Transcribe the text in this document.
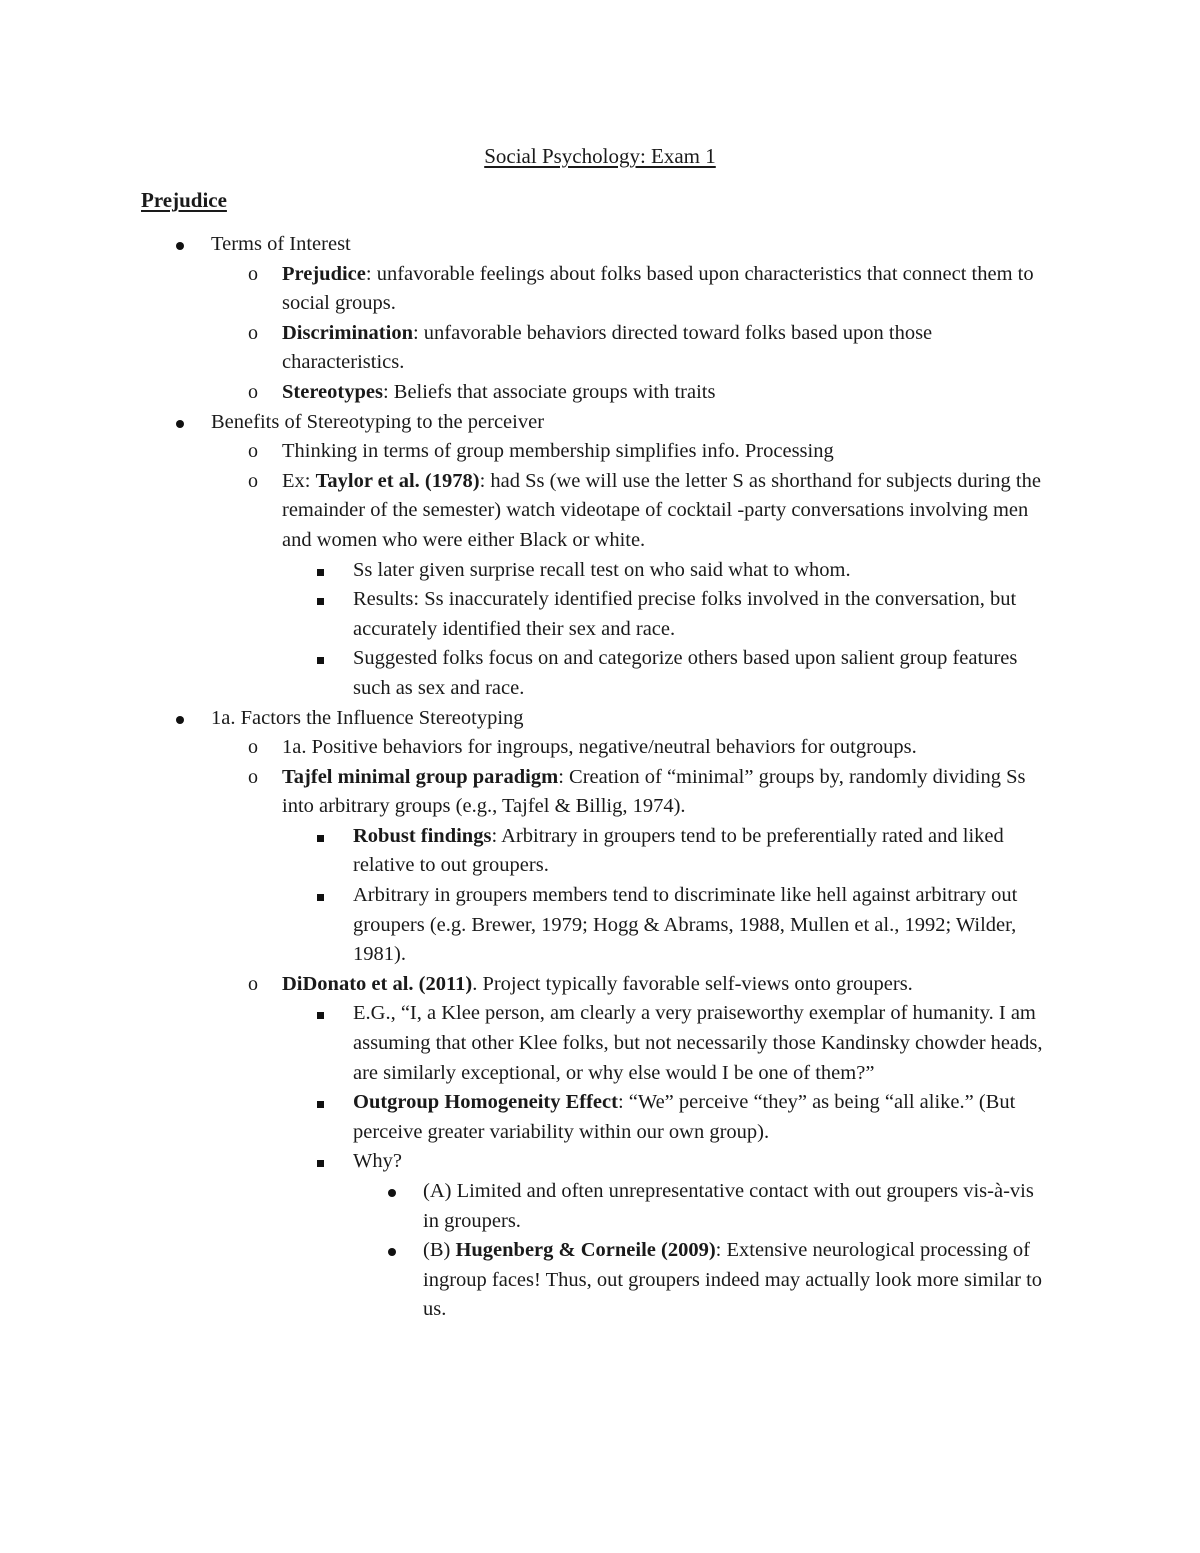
Social Psychology: Exam 1
Prejudice
Terms of Interest
o Prejudice: unfavorable feelings about folks based upon characteristics that connect them to social groups.
o Discrimination: unfavorable behaviors directed toward folks based upon those characteristics.
o Stereotypes: Beliefs that associate groups with traits
Benefits of Stereotyping to the perceiver
o Thinking in terms of group membership simplifies info. Processing
o Ex: Taylor et al. (1978): had Ss (we will use the letter S as shorthand for subjects during the remainder of the semester) watch videotape of cocktail -party conversations involving men and women who were either Black or white.
Ss later given surprise recall test on who said what to whom.
Results: Ss inaccurately identified precise folks involved in the conversation, but accurately identified their sex and race.
Suggested folks focus on and categorize others based upon salient group features such as sex and race.
1a. Factors the Influence Stereotyping
o 1a. Positive behaviors for ingroups, negative/neutral behaviors for outgroups.
o Tajfel minimal group paradigm: Creation of “minimal” groups by, randomly dividing Ss into arbitrary groups (e.g., Tajfel & Billig, 1974).
Robust findings: Arbitrary in groupers tend to be preferentially rated and liked relative to out groupers.
Arbitrary in groupers members tend to discriminate like hell against arbitrary out groupers (e.g. Brewer, 1979; Hogg & Abrams, 1988, Mullen et al., 1992; Wilder, 1981).
o DiDonato et al. (2011). Project typically favorable self-views onto groupers.
E.G., “I, a Klee person, am clearly a very praiseworthy exemplar of humanity. I am assuming that other Klee folks, but not necessarily those Kandinsky chowder heads, are similarly exceptional, or why else would I be one of them?”
Outgroup Homogeneity Effect: “We” perceive “they” as being “all alike.” (But perceive greater variability within our own group).
Why?
(A) Limited and often unrepresentative contact with out groupers vis-à-vis in groupers.
(B) Hugenberg & Corneile (2009): Extensive neurological processing of ingroup faces! Thus, out groupers indeed may actually look more similar to us.
